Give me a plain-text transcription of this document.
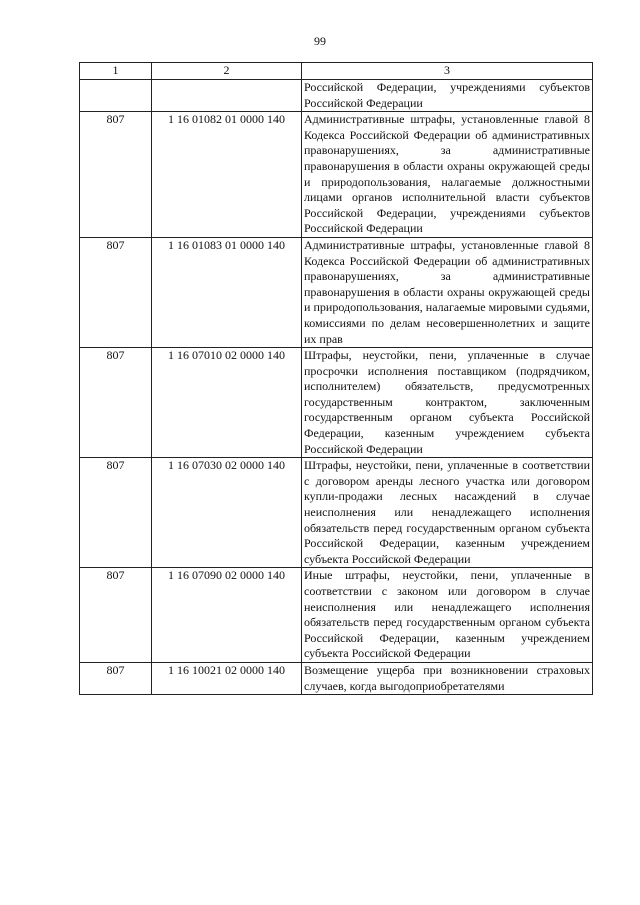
99
1	2	3
		Российской Федерации, учреждениями субъектов Российской Федерации
807	1 16 01082 01 0000 140	Административные штрафы, установленные главой 8 Кодекса Российской Федерации об административных правонарушениях, за административные правонарушения в области охраны окружающей среды и природопользования, налагаемые должностными лицами органов исполнительной власти субъектов Российской Федерации, учреждениями субъектов Российской Федерации
807	1 16 01083 01 0000 140	Административные штрафы, установленные главой 8 Кодекса Российской Федерации об административных правонарушениях, за административные правонарушения в области охраны окружающей среды и природопользования, налагаемые мировыми судьями, комиссиями по делам несовершеннолетних и защите их прав
807	1 16 07010 02 0000 140	Штрафы, неустойки, пени, уплаченные в случае просрочки исполнения поставщиком (подрядчиком, исполнителем) обязательств, предусмотренных государственным контрактом, заключенным государственным органом субъекта Российской Федерации, казенным учреждением субъекта Российской Федерации
807	1 16 07030 02 0000 140	Штрафы, неустойки, пени, уплаченные в соответствии с договором аренды лесного участка или договором купли-продажи лесных насаждений в случае неисполнения или ненадлежащего исполнения обязательств перед государственным органом субъекта Российской Федерации, казенным учреждением субъекта Российской Федерации
807	1 16 07090 02 0000 140	Иные штрафы, неустойки, пени, уплаченные в соответствии с законом или договором в случае неисполнения или ненадлежащего исполнения обязательств перед государственным органом субъекта Российской Федерации, казенным учреждением субъекта Российской Федерации
807	1 16 10021 02 0000 140	Возмещение ущерба при возникновении страховых случаев, когда выгодоприобретателями
